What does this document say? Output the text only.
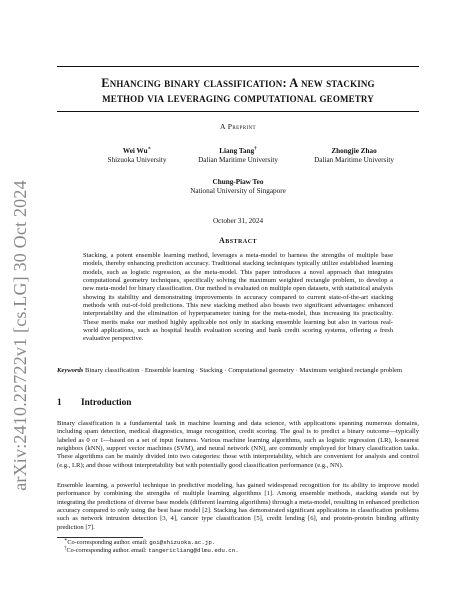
arXiv:2410.22722v1 [cs.LG] 30 Oct 2024
Enhancing binary classification: A new stacking
method via leveraging computational geometry
A Preprint
Wei Wu∗
Shizuoka University
Liang Tang†
Dalian Maritime University
Zhongjie Zhao
Dalian Maritime University
Chung-Piaw Teo
National University of Singapore
October 31, 2024
Abstract

Stacking, a potent ensemble learning method, leverages a meta-model to harness the strengths of multiple base models, thereby enhancing prediction accuracy. Traditional stacking techniques typically utilize established learning models, such as logistic regression, as the meta-model. This paper introduces a novel approach that integrates computational geometry techniques, specifically solving the maximum weighted rectangle problem, to develop a new meta-model for binary classification. Our method is evaluated on multiple open datasets, with statistical analysis showing its stability and demonstrating improvements in accuracy compared to current state-of-the-art stacking methods with out-of-fold predictions. This new stacking method also boasts two significant advantages: enhanced interpretability and the elimination of hyperparameter tuning for the meta-model, thus increasing its practicality. These merits make our method highly applicable not only in stacking ensemble learning but also in various real-world applications, such as hospital health evaluation scoring and bank credit scoring systems, offering a fresh evaluative perspective.

Keywords Binary classification · Ensemble learning · Stacking · Computational geometry · Maximum weighted rectangle problem

1 Introduction

Binary classification is a fundamental task in machine learning and data science, with applications spanning numerous domains, including spam detection, medical diagnostics, image recognition, credit scoring. The goal is to predict a binary outcome—typically labeled as 0 or 1—based on a set of input features. Various machine learning algorithms, such as logistic regression (LR), k-nearest neighbors (kNN), support vector machines (SVM), and neural network (NN), are commonly employed for binary classification tasks. These algorithms can be mainly divided into two categories: those with interpretability, which are convenient for analysis and control (e.g., LR); and those without interpretability but with potentially good classification performance (e.g., NN).

Ensemble learning, a powerful technique in predictive modeling, has gained widespread recognition for its ability to improve model performance by combining the strengths of multiple learning algorithms [1]. Among ensemble methods, stacking stands out by integrating the predictions of diverse base models (different learning algorithms) through a meta-model, resulting in enhanced prediction accuracy compared to only using the best base model [2]. Stacking has demonstrated significant applications in classification problems such as network intrusion detection [3, 4], cancer type classification [5], credit lending [6], and protein-protein binding affinity prediction [7].

∗Co-corresponding author. email: goi@shizuoka.ac.jp.
†Co-corresponding author. email: tangericliang@dlmu.edu.cn.
